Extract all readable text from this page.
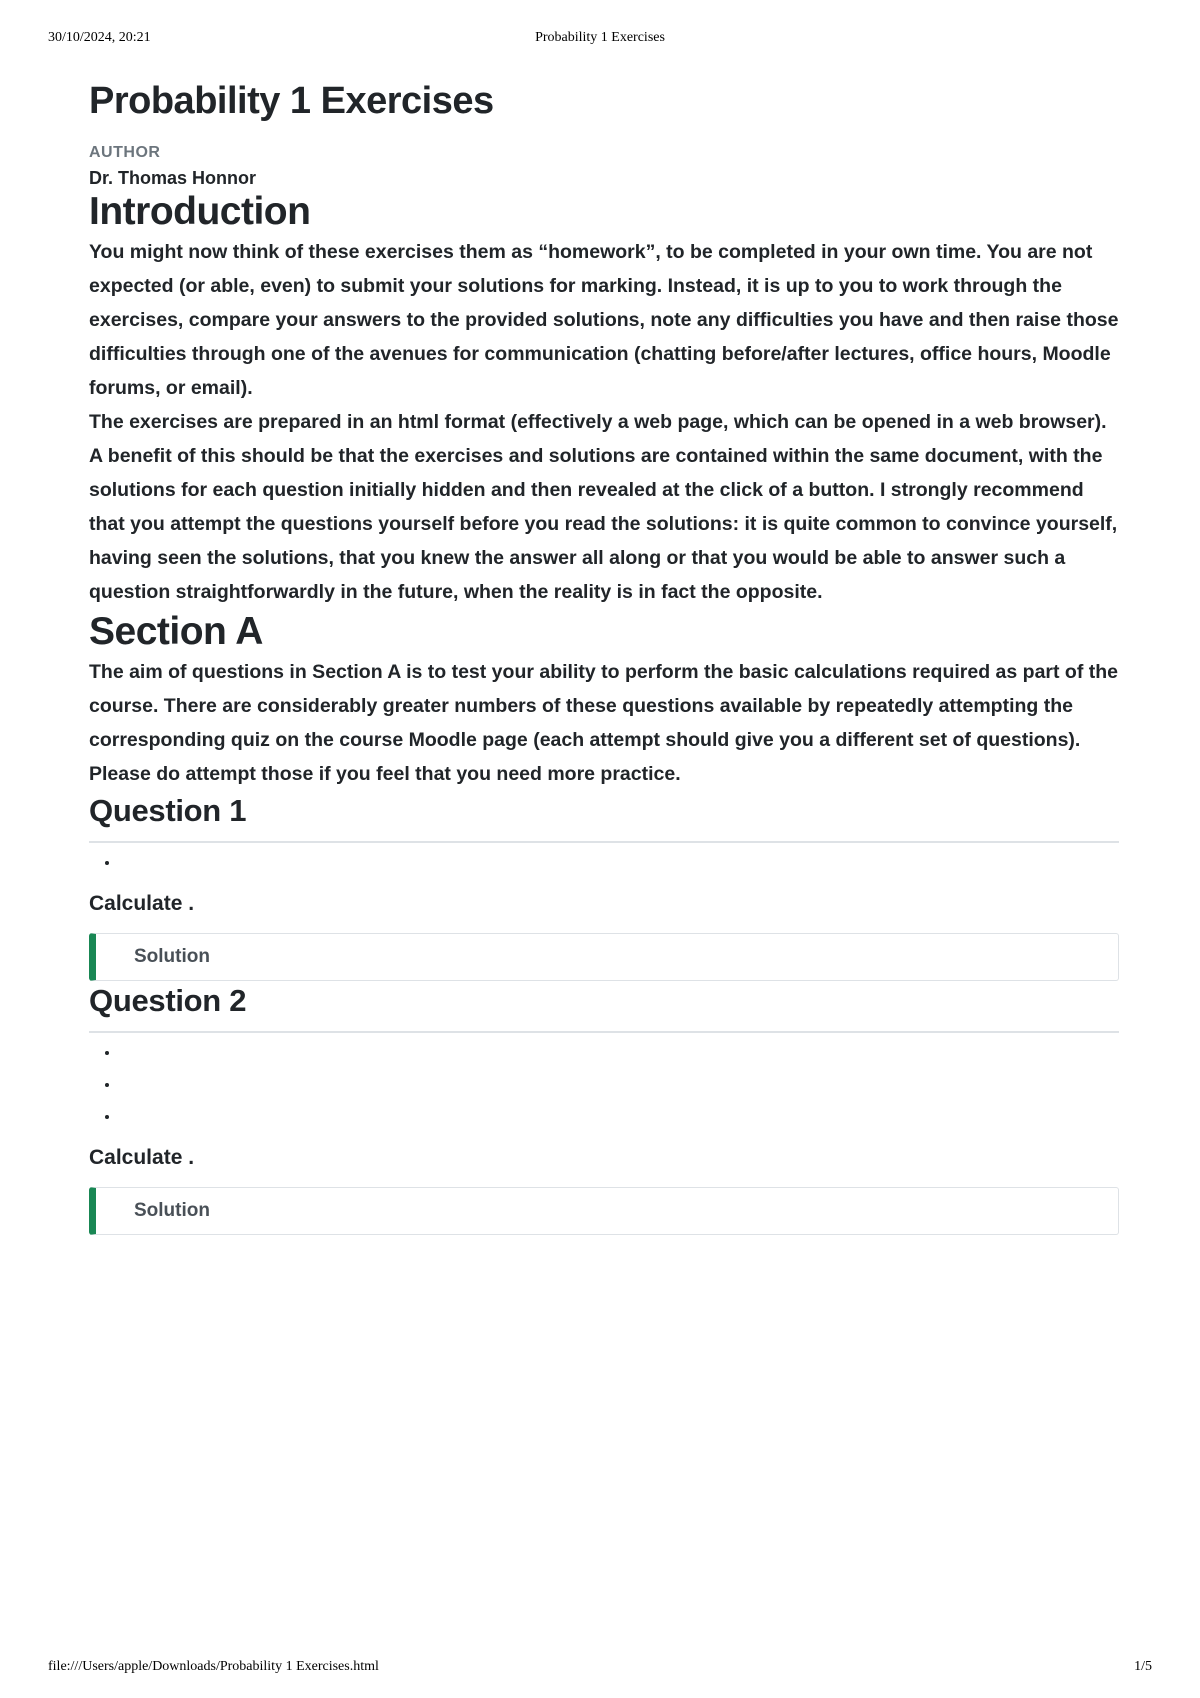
30/10/2024, 20:21	Probability 1 Exercises
Probability 1 Exercises
AUTHOR
Dr. Thomas Honnor
Introduction

You might now think of these exercises them as “homework”, to be completed in your own time. You are not expected (or able, even) to submit your solutions for marking. Instead, it is up to you to work through the exercises, compare your answers to the provided solutions, note any difficulties you have and then raise those difficulties through one of the avenues for communication (chatting before/after lectures, office hours, Moodle forums, or email).

The exercises are prepared in an html format (effectively a web page, which can be opened in a web browser). A benefit of this should be that the exercises and solutions are contained within the same document, with the solutions for each question initially hidden and then revealed at the click of a button. I strongly recommend that you attempt the questions yourself before you read the solutions: it is quite common to convince yourself, having seen the solutions, that you knew the answer all along or that you would be able to answer such a question straightforwardly in the future, when the reality is in fact the opposite.

Section A

The aim of questions in Section A is to test your ability to perform the basic calculations required as part of the course. There are considerably greater numbers of these questions available by repeatedly attempting the corresponding quiz on the course Moodle page (each attempt should give you a different set of questions). Please do attempt those if you feel that you need more practice.

Question 1

Calculate .

Solution
Question 2

Calculate .

Solution
file:///Users/apple/Downloads/Probability 1 Exercises.html	1/5
